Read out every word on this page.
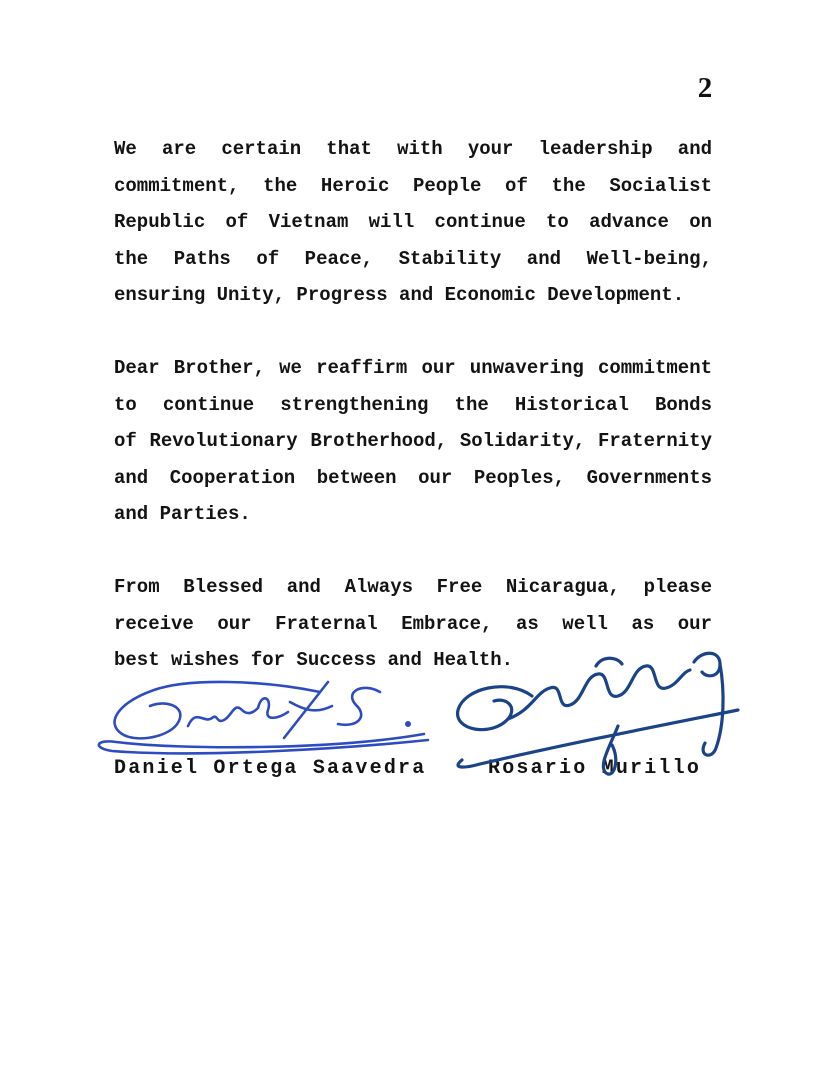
2
We are certain that with your leadership and
commitment, the Heroic People of the Socialist
Republic of Vietnam will continue to advance on
the Paths of Peace, Stability and Well-being,
ensuring Unity, Progress and Economic Development.
Dear Brother, we reaffirm our unwavering commitment
to continue strengthening the Historical Bonds
of Revolutionary Brotherhood, Solidarity, Fraternity
and Cooperation between our Peoples, Governments
and Parties.
From Blessed and Always Free Nicaragua, please
receive our Fraternal Embrace, as well as our
best wishes for Success and Health.
Daniel Ortega Saavedra	Rosario Murillo
